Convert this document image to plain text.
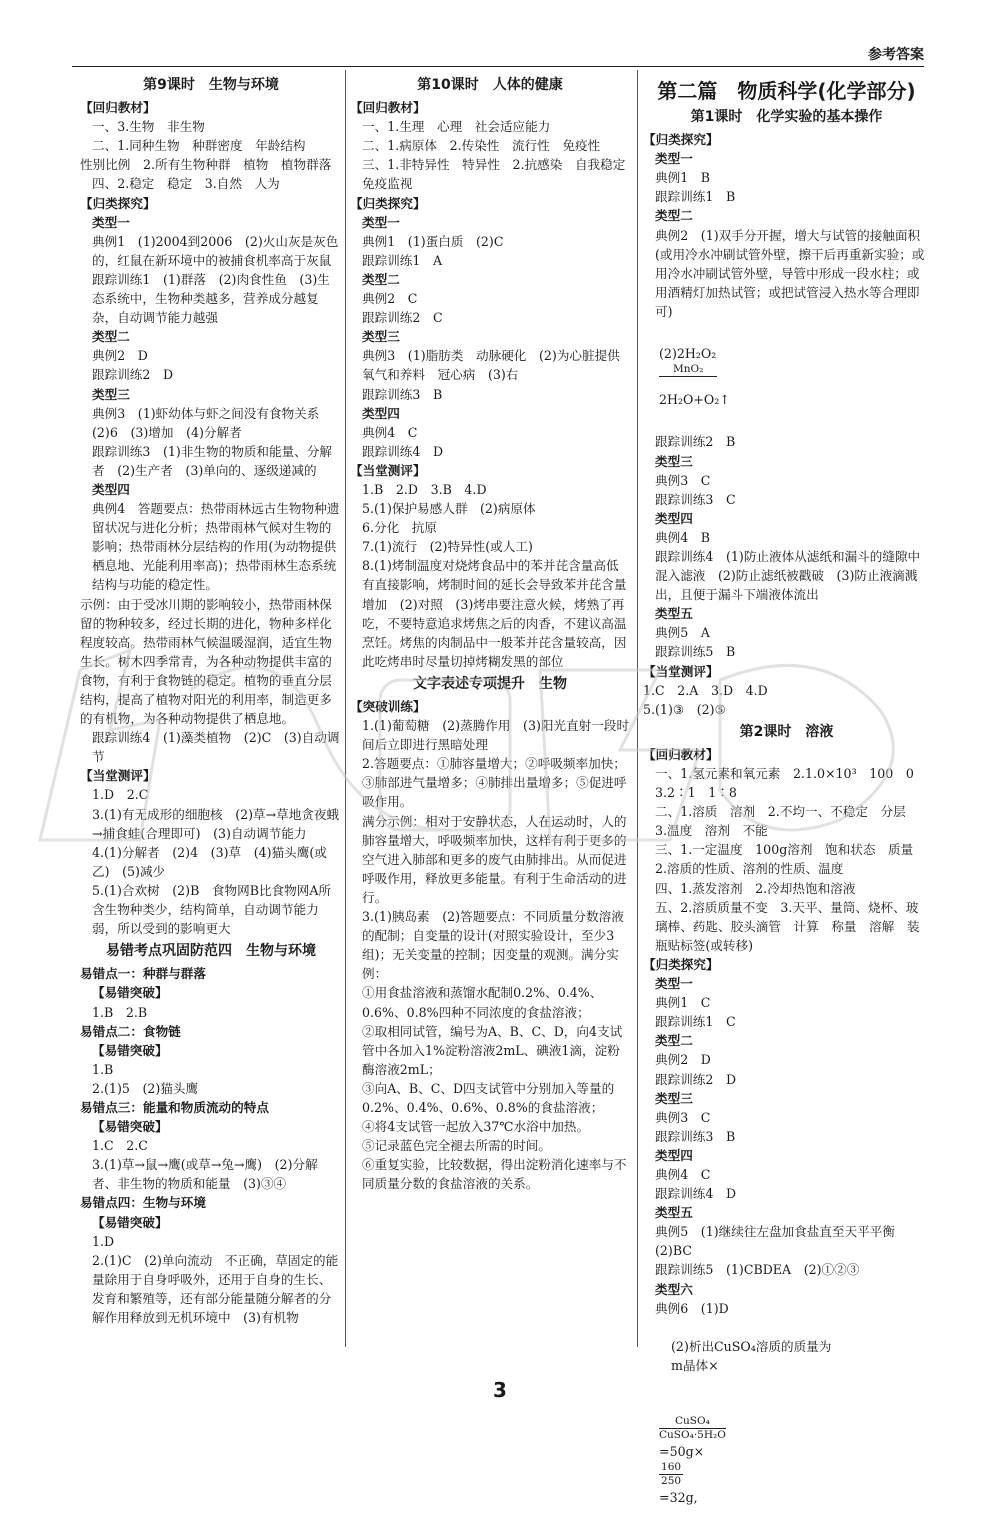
参考答案
第9课时　生物与环境
【回归教材】
一、3.生物　非生物
二、1.同种生物　种群密度　年龄结构
性别比例　2.所有生物种群　植物　植物群落
四、2.稳定　稳定　3.自然　人为
【归类探究】
类型一
典例1　(1)2004到2006　(2)火山灰是灰色的，红鼠在新环境中的被捕食机率高于灰鼠
跟踪训练1　(1)群落　(2)肉食性鱼　(3)生态系统中，生物种类越多，营养成分越复杂，自动调节能力越强
类型二
典例2　D
跟踪训练2　D
类型三
典例3　(1)虾幼体与虾之间没有食物关系　(2)6　(3)增加　(4)分解者
跟踪训练3　(1)非生物的物质和能量、分解者　(2)生产者　(3)单向的、逐级递减的
类型四
典例4　答题要点：热带雨林远古生物物种遗留状况与进化分析；热带雨林气候对生物的影响；热带雨林分层结构的作用(为动物提供栖息地、光能利用率高)；热带雨林生态系统结构与功能的稳定性。
示例：由于受冰川期的影响较小，热带雨林保留的物种较多，经过长期的进化，物种多样化程度较高。热带雨林气候温暖湿润，适宜生物生长。树木四季常青，为各种动物提供丰富的食物，有利于食物链的稳定。植物的垂直分层结构，提高了植物对阳光的利用率，制造更多的有机物，为各种动物提供了栖息地。
跟踪训练4　(1)藻类植物　(2)C　(3)自动调节
【当堂测评】
1.D　2.C
3.(1)有无成形的细胞核　(2)草→草地贪夜蛾→捕食蛙(合理即可)　(3)自动调节能力
4.(1)分解者　(2)4　(3)草　(4)猫头鹰(或乙)　(5)减少
5.(1)合欢树　(2)B　食物网B比食物网A所含生物种类少，结构简单，自动调节能力弱，所以受到的影响更大
易错考点巩固防范四　生物与环境
易错点一：种群与群落
【易错突破】
1.B　2.B
易错点二：食物链
【易错突破】
1.B
2.(1)5　(2)猫头鹰
易错点三：能量和物质流动的特点
【易错突破】
1.C　2.C
3.(1)草→鼠→鹰(或草→兔→鹰)　(2)分解者、非生物的物质和能量　(3)③④
易错点四：生物与环境
【易错突破】
1.D
2.(1)C　(2)单向流动　不正确，草固定的能量除用于自身呼吸外，还用于自身的生长、发育和繁殖等，还有部分能量随分解者的分解作用释放到无机环境中　(3)有机物
第10课时　人体的健康
【回归教材】
一、1.生理　心理　社会适应能力
二、1.病原体　2.传染性　流行性　免疫性
三、1.非特异性　特异性　2.抗感染　自我稳定　免疫监视
【归类探究】
类型一
典例1　(1)蛋白质　(2)C
跟踪训练1　A
类型二
典例2　C
跟踪训练2　C
类型三
典例3　(1)脂肪类　动脉硬化　(2)为心脏提供氧气和养料　冠心病　(3)右
跟踪训练3　B
类型四
典例4　C
跟踪训练4　D
【当堂测评】
1.B　2.D　3.B　4.D
5.(1)保护易感人群　(2)病原体
6.分化　抗原
7.(1)流行　(2)特异性(或人工)
8.(1)烤制温度对烧烤食品中的苯并芘含量高低有直接影响，烤制时间的延长会导致苯并芘含量增加　(2)对照　(3)烤串要注意火候，烤熟了再吃，不要特意追求烤焦之后的肉香，不建议高温烹饪。烤焦的肉制品中一般苯并芘含量较高，因此吃烤串时尽量切掉烤糊发黑的部位
文字表述专项提升　生物
【突破训练】
1.(1)葡萄糖　(2)蒸腾作用　(3)阳光直射一段时间后立即进行黑暗处理
2.答题要点：①肺容量增大；②呼吸频率加快；③肺部进气量增多；④肺排出量增多；⑤促进呼吸作用。
满分示例：相对于安静状态，人在运动时，人的肺容量增大，呼吸频率加快，这样有利于更多的空气进入肺部和更多的废气由肺排出。从而促进呼吸作用，释放更多能量。有利于生命活动的进行。
3.(1)胰岛素　(2)答题要点：不同质量分数溶液的配制；自变量的设计(对照实验设计，至少3组)；无关变量的控制；因变量的观测。满分实例：
①用食盐溶液和蒸馏水配制0.2%、0.4%、0.6%、0.8%四种不同浓度的食盐溶液；
②取相同试管，编号为A、B、C、D，向4支试管中各加入1%淀粉溶液2mL、碘液1滴，淀粉酶溶液2mL；
③向A、B、C、D四支试管中分别加入等量的0.2%、0.4%、0.6%、0.8%的食盐溶液；
④将4支试管一起放入37℃水浴中加热。
⑤记录蓝色完全褪去所需的时间。
⑥重复实验，比较数据，得出淀粉消化速率与不同质量分数的食盐溶液的关系。
第二篇　物质科学(化学部分)
第1课时　化学实验的基本操作
【归类探究】
类型一
典例1　B
跟踪训练1　B
类型二
典例2　(1)双手分开握，增大与试管的接触面积(或用冷水冲刷试管外壁，擦干后再重新实验；或用冷水冲刷试管外壁，导管中形成一段水柱；或用酒精灯加热试管；或把试管浸入热水等合理即可)

(2)2H₂O₂

MnO₂

2H₂O+O₂↑

跟踪训练2　B
类型三
典例3　C
跟踪训练3　C
类型四
典例4　B
跟踪训练4　(1)防止液体从滤纸和漏斗的缝隙中混入滤液　(2)防止滤纸被戳破　(3)防止液滴溅出，且便于漏斗下端液体流出
类型五
典例5　A
跟踪训练5　B
【当堂测评】
1.C　2.A　3.D　4.D
5.(1)③　(2)⑤
第2课时　溶液
【回归教材】
一、1.氢元素和氧元素　2.1.0×10³　100　0　3.2∶1　1∶8
二、1.溶质　溶剂　2.不均一、不稳定　分层　3.温度　溶剂　不能
三、1.一定温度　100g溶剂　饱和状态　质量　2.溶质的性质、溶剂的性质、温度
四、1.蒸发溶剂　2.冷却热饱和溶液
五、2.溶质质量不变　3.天平、量筒、烧杯、玻璃棒、药匙、胶头滴管　计算　称量　溶解　装瓶贴标签(或转移)
【归类探究】
类型一
典例1　C
跟踪训练1　C
类型二
典例2　D
跟踪训练2　D
类型三
典例3　C
跟踪训练3　B
类型四
典例4　C
跟踪训练4　D
类型五
典例5　(1)继续往左盘加食盐直至天平平衡　(2)BC
跟踪训练5　(1)CBDEA　(2)①②③
类型六
典例6　(1)D

(2)析出CuSO₄溶质的质量为
m晶体×

$\frac{\text{CuSO₄}}{\text{CuSO₄·5H₂O}}$

=50g×

$\frac{160}{250}$

=32g,

3
